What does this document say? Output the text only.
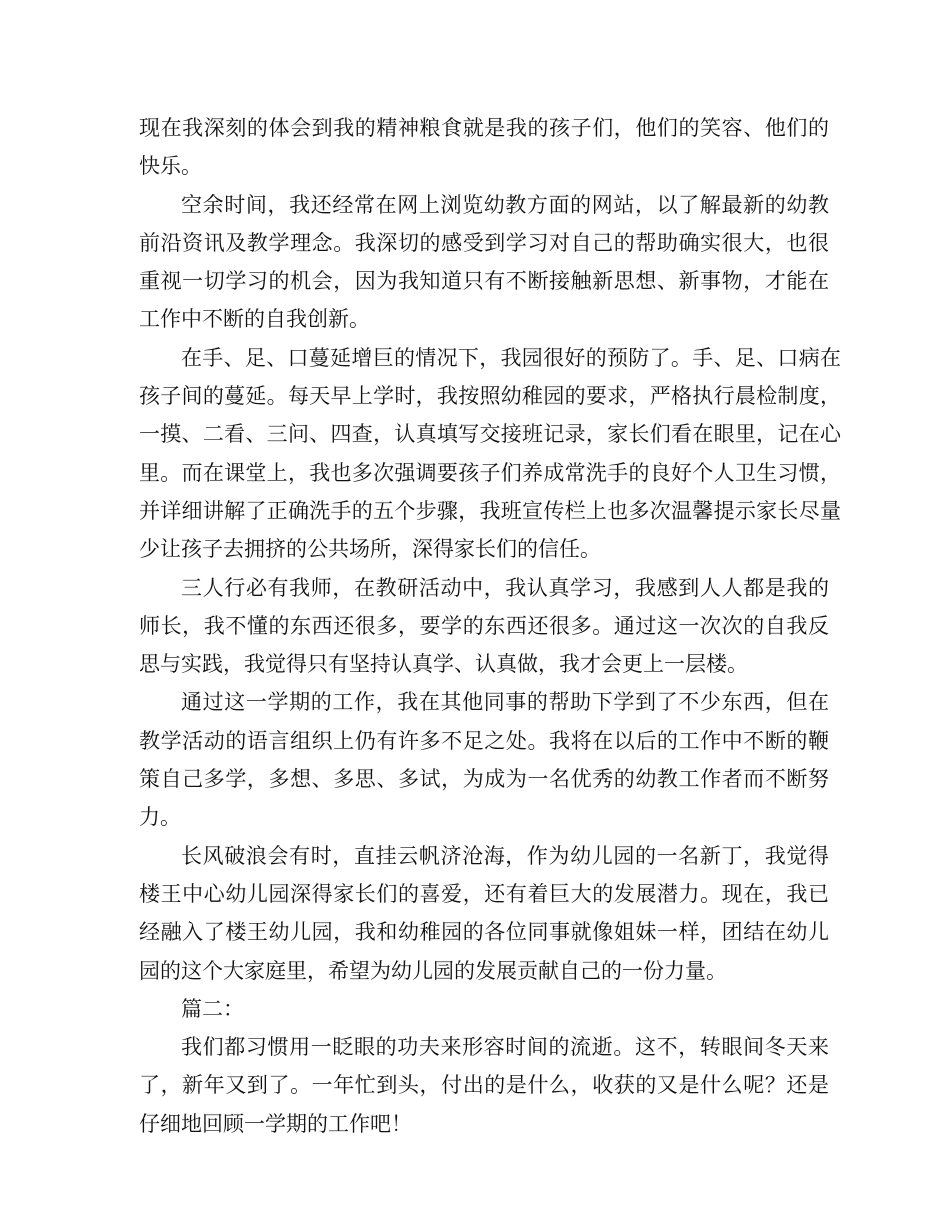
现在我深刻的体会到我的精神粮食就是我的孩子们，他们的笑容、他们的快乐。

空余时间，我还经常在网上浏览幼教方面的网站，以了解最新的幼教前沿资讯及教学理念。我深切的感受到学习对自己的帮助确实很大，也很重视一切学习的机会，因为我知道只有不断接触新思想、新事物，才能在工作中不断的自我创新。

在手、足、口蔓延增巨的情况下，我园很好的预防了。手、足、口病在孩子间的蔓延。每天早上学时，我按照幼稚园的要求，严格执行晨检制度，一摸、二看、三问、四查，认真填写交接班记录，家长们看在眼里，记在心里。而在课堂上，我也多次强调要孩子们养成常洗手的良好个人卫生习惯，并详细讲解了正确洗手的五个步骤，我班宣传栏上也多次温馨提示家长尽量少让孩子去拥挤的公共场所，深得家长们的信任。

三人行必有我师，在教研活动中，我认真学习，我感到人人都是我的师长，我不懂的东西还很多，要学的东西还很多。通过这一次次的自我反思与实践，我觉得只有坚持认真学、认真做，我才会更上一层楼。

通过这一学期的工作，我在其他同事的帮助下学到了不少东西，但在教学活动的语言组织上仍有许多不足之处。我将在以后的工作中不断的鞭策自己多学，多想、多思、多试，为成为一名优秀的幼教工作者而不断努力。

长风破浪会有时，直挂云帆济沧海，作为幼儿园的一名新丁，我觉得楼王中心幼儿园深得家长们的喜爱，还有着巨大的发展潜力。现在，我已经融入了楼王幼儿园，我和幼稚园的各位同事就像姐妹一样，团结在幼儿园的这个大家庭里，希望为幼儿园的发展贡献自己的一份力量。

篇二：

我们都习惯用一眨眼的功夫来形容时间的流逝。这不，转眼间冬天来了，新年又到了。一年忙到头，付出的是什么，收获的又是什么呢？还是仔细地回顾一学期的工作吧！
